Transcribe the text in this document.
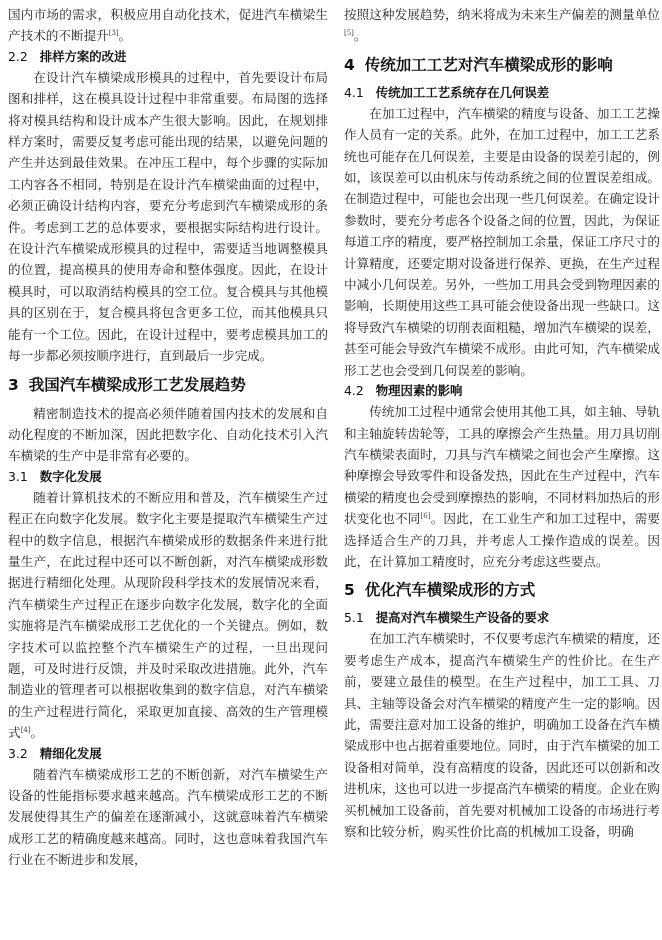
国内市场的需求，积极应用自动化技术，促进汽车横梁生产技术的不断提升[3]。

2.2 排样方案的改进

在设计汽车横梁成形模具的过程中，首先要设计布局图和排样，这在模具设计过程中非常重要。布局图的选择将对模具结构和设计成本产生很大影响。因此，在规划排样方案时，需要反复考虑可能出现的结果，以避免问题的产生并达到最佳效果。在冲压工程中，每个步骤的实际加工内容各不相同，特别是在设计汽车横梁曲面的过程中，必须正确设计结构内容，要充分考虑到汽车横梁成形的条件。考虑到工艺的总体要求，要根据实际结构进行设计。在设计汽车横梁成形模具的过程中，需要适当地调整模具的位置，提高模具的使用寿命和整体强度。因此，在设计模具时，可以取消结构模具的空工位。复合模具与其他模具的区别在于，复合模具将包含更多工位，而其他模具只能有一个工位。因此，在设计过程中，要考虑模具加工的每一步都必须按顺序进行，直到最后一步完成。

3 我国汽车横梁成形工艺发展趋势

精密制造技术的提高必须伴随着国内技术的发展和自动化程度的不断加深，因此把数字化、自动化技术引入汽车横梁的生产中是非常有必要的。

3.1 数字化发展

随着计算机技术的不断应用和普及，汽车横梁生产过程正在向数字化发展。数字化主要是提取汽车横梁生产过程中的数字信息，根据汽车横梁成形的数据条件来进行批量生产，在此过程中还可以不断创新，对汽车横梁成形数据进行精细化处理。从现阶段科学技术的发展情况来看，汽车横梁生产过程正在逐步向数字化发展，数字化的全面实施将是汽车横梁成形工艺优化的一个关键点。例如，数字技术可以监控整个汽车横梁生产的过程，一旦出现问题，可及时进行反馈，并及时采取改进措施。此外，汽车制造业的管理者可以根据收集到的数字信息，对汽车横梁的生产过程进行简化，采取更加直接、高效的生产管理模式[4]。

3.2 精细化发展

随着汽车横梁成形工艺的不断创新，对汽车横梁生产设备的性能指标要求越来越高。汽车横梁成形工艺的不断发展使得其生产的偏差在逐渐减小，这就意味着汽车横梁成形工艺的精确度越来越高。同时，这也意味着我国汽车行业在不断进步和发展，

按照这种发展趋势，纳米将成为未来生产偏差的测量单位[5]。

4 传统加工工艺对汽车横梁成形的影响
4.1 传统加工工艺系统存在几何误差

在加工过程中，汽车横梁的精度与设备、加工工艺操作人员有一定的关系。此外，在加工过程中，加工工艺系统也可能存在几何误差，主要是由设备的误差引起的，例如，该误差可以由机床与传动系统之间的位置误差组成。在制造过程中，可能也会出现一些几何误差。在确定设计参数时，要充分考虑各个设备之间的位置，因此，为保证每道工序的精度，要严格控制加工余量，保证工序尺寸的计算精度，还要定期对设备进行保养、更换，在生产过程中减小几何误差。另外，一些加工用具会受到物理因素的影响，长期使用这些工具可能会使设备出现一些缺口。这将导致汽车横梁的切削表面粗糙，增加汽车横梁的误差，甚至可能会导致汽车横梁不成形。由此可知，汽车横梁成形工艺也会受到几何误差的影响。

4.2 物理因素的影响

传统加工过程中通常会使用其他工具，如主轴、导轨和主轴旋转齿轮等，工具的摩擦会产生热量。用刀具切削汽车横梁表面时，刀具与汽车横梁之间也会产生摩擦。这种摩擦会导致零件和设备发热，因此在生产过程中，汽车横梁的精度也会受到摩擦热的影响，不同材料加热后的形状变化也不同[6]。因此，在工业生产和加工过程中，需要选择适合生产的刀具，并考虑人工操作造成的误差。因此，在计算加工精度时，应充分考虑这些要点。

5 优化汽车横梁成形的方式
5.1 提高对汽车横梁生产设备的要求

在加工汽车横梁时，不仅要考虑汽车横梁的精度，还要考虑生产成本，提高汽车横梁生产的性价比。在生产前，要建立最佳的模型。在生产过程中，加工工具、刀具、主轴等设备会对汽车横梁的精度产生一定的影响。因此，需要注意对加工设备的维护，明确加工设备在汽车横梁成形中也占据着重要地位。同时，由于汽车横梁的加工设备相对简单，没有高精度的设备，因此还可以创新和改进机床，这也可以进一步提高汽车横梁的精度。企业在购买机械加工设备前，首先要对机械加工设备的市场进行考察和比较分析，购买性价比高的机械加工设备，明确
